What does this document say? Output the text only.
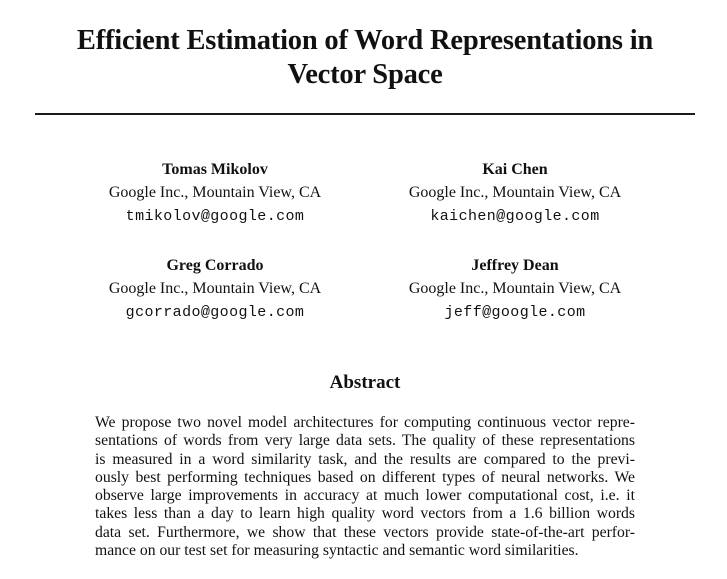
Efficient Estimation of Word Representations in
Vector Space
Tomas Mikolov
Google Inc., Mountain View, CA
tmikolov@google.com
Kai Chen
Google Inc., Mountain View, CA
kaichen@google.com
Greg Corrado
Google Inc., Mountain View, CA
gcorrado@google.com
Jeffrey Dean
Google Inc., Mountain View, CA
jeff@google.com
Abstract
We propose two novel model architectures for computing continuous vector repre-
sentations of words from very large data sets. The quality of these representations
is measured in a word similarity task, and the results are compared to the previ-
ously best performing techniques based on different types of neural networks. We
observe large improvements in accuracy at much lower computational cost, i.e. it
takes less than a day to learn high quality word vectors from a 1.6 billion words
data set. Furthermore, we show that these vectors provide state-of-the-art perfor-
mance on our test set for measuring syntactic and semantic word similarities.
